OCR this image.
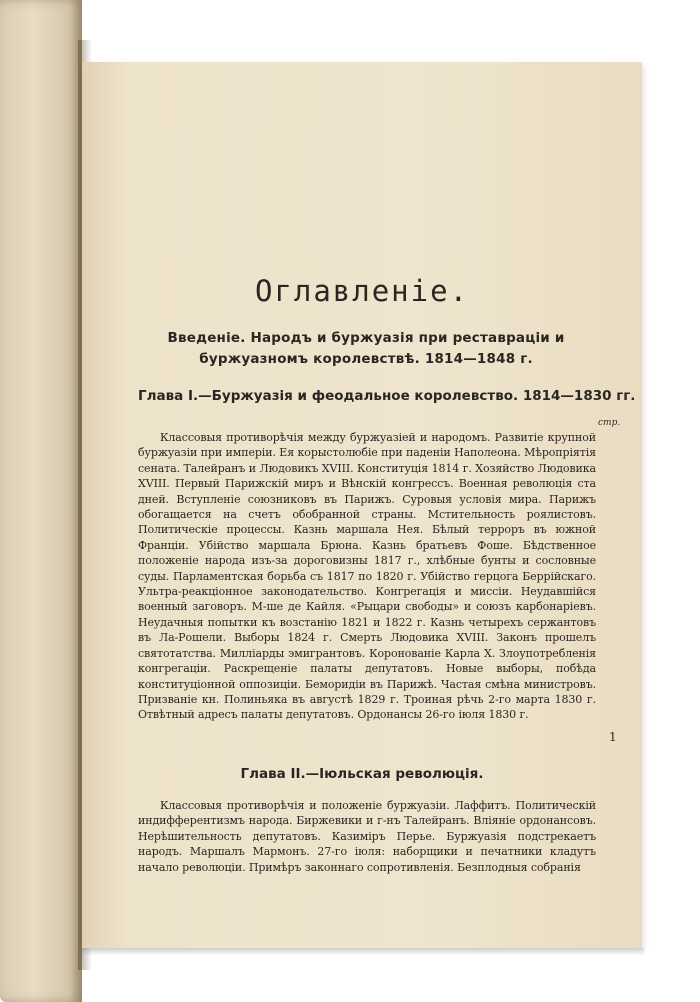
Оглавленіе.
Введеніе. Народъ и буржуазія при реставраціи и буржуазномъ королевствѣ. 1814—1848 г.
Глава I.—Буржуазія и феодальное королевство. 1814—1830 гг.
стр.
Классовыя противорѣчія между буржуазіей и народомъ. Развитіе крупной буржуазіи при имперіи. Ея корыстолюбіе при паденіи Наполеона. Мѣропріятія сената. Талейранъ и Людовикъ XVIII. Конституція 1814 г. Хозяйство Людовика XVIII. Первый Парижскій миръ и Вѣнскій конгрессъ. Военная революція ста дней. Вступленіе союзниковъ въ Парижъ. Суровыя условія мира. Парижъ обогащается на счетъ обобранной страны. Мстительность роялистовъ. Политическіе процессы. Казнь маршала Нея. Бѣлый терроръ въ южной Франціи. Убійство маршала Брюна. Казнь братьевъ Фоше. Бѣдственное положеніе народа изъ-за дороговизны 1817 г., хлѣбные бунты и сословные суды. Парламентская борьба съ 1817 по 1820 г. Убійство герцога Беррійскаго. Ультра-реакціонное законодательство. Конгрегація и миссіи. Неудавшійся военный заговоръ. М-ше де Кайля. «Рыцари свободы» и союзъ карбонаріевъ. Неудачныя попытки къ возстанію 1821 и 1822 г. Казнь четырехъ сержантовъ въ Ла-Рошели. Выборы 1824 г. Смерть Людовика XVIII. Законъ прошелъ святотатства. Милліарды эмигрантовъ. Коронованіе Карла X. Злоупотребленія конгрегаціи. Раскрещеніе палаты депутатовъ. Новые выборы, побѣда конституціонной оппозиціи. Беморидіи въ Парижѣ. Частая смѣна министровъ. Призваніе кн. Полиньяка въ августѣ 1829 г. Троиная рѣчь 2-го марта 1830 г. Отвѣтный адресъ палаты депутатовъ. Ордонансы 26-го іюля 1830 г.
1
Глава II.—Іюльская революція.
Классовыя противорѣчія и положеніе буржуазіи. Лаффитъ. Политическій индифферентизмъ народа. Биржевики и г-нъ Талейранъ. Вліяніе ордонансовъ. Нерѣшительность депутатовъ. Казиміръ Перье. Буржуазія подстрекаетъ народъ. Маршалъ Мармонъ. 27-го іюля: наборщики и печатники кладутъ начало революціи. Примѣръ законнаго сопротивленія. Безплодныя собранія
